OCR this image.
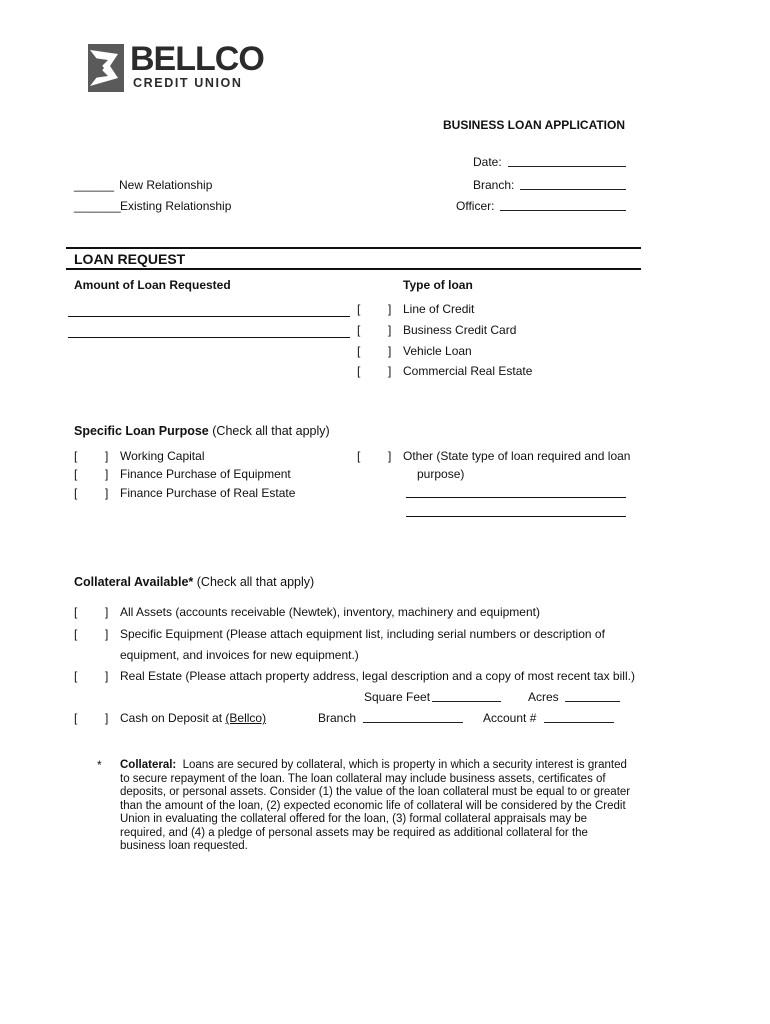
BELLCO
CREDIT UNION
BUSINESS LOAN APPLICATION
Date:
______ New Relationship	Branch:
_______ Existing Relationship	Officer:
LOAN REQUEST
Amount of Loan Requested	Type of loan
[ ] Line of Credit
[ ] Business Credit Card
[ ] Vehicle Loan
[ ] Commercial Real Estate
Specific Loan Purpose (Check all that apply)
[ ] Working Capital
[ ] Finance Purchase of Equipment
[ ] Finance Purchase of Real Estate
[ ] Other (State type of loan required and loan
purpose)
Collateral Available* (Check all that apply)
[ ] All Assets (accounts receivable (Newtek), inventory, machinery and equipment)
[ ] Specific Equipment (Please attach equipment list, including serial numbers or description of
equipment, and invoices for new equipment.)
[ ] Real Estate (Please attach property address, legal description and a copy of most recent tax bill.)
Square Feet	Acres
[ ] Cash on Deposit at (Bellco)	Branch	Account #
* Collateral: Loans are secured by collateral, which is property in which a security interest is granted to secure repayment of the loan. The loan collateral may include business assets, certificates of deposits, or personal assets. Consider (1) the value of the loan collateral must be equal to or greater than the amount of the loan, (2) expected economic life of collateral will be considered by the Credit Union in evaluating the collateral offered for the loan, (3) formal collateral appraisals may be required, and (4) a pledge of personal assets may be required as additional collateral for the business loan requested.
